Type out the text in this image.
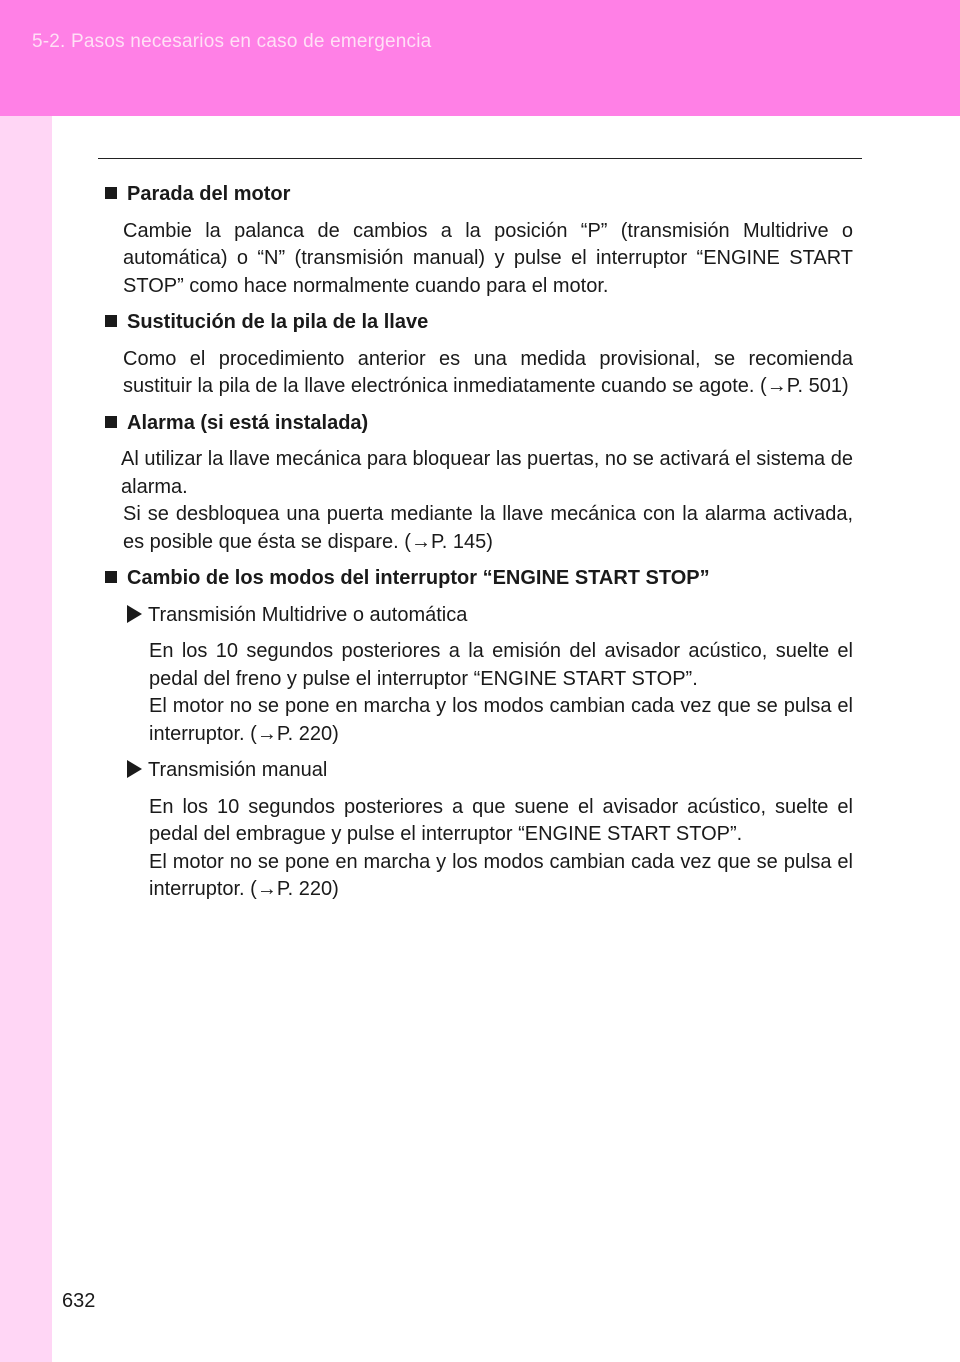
5-2. Pasos necesarios en caso de emergencia
Parada del motor
Cambie la palanca de cambios a la posición “P” (transmisión Multidrive o automática) o “N” (transmisión manual) y pulse el interruptor “ENGINE START STOP” como hace normalmente cuando para el motor.
Sustitución de la pila de la llave
Como el procedimiento anterior es una medida provisional, se recomienda sustituir la pila de la llave electrónica inmediatamente cuando se agote. (→P. 501)
Alarma (si está instalada)
Al utilizar la llave mecánica para bloquear las puertas, no se activará el sistema de alarma.
Si se desbloquea una puerta mediante la llave mecánica con la alarma activada, es posible que ésta se dispare. (→P. 145)
Cambio de los modos del interruptor “ENGINE START STOP”
Transmisión Multidrive o automática
En los 10 segundos posteriores a la emisión del avisador acústico, suelte el pedal del freno y pulse el interruptor “ENGINE START STOP”.
El motor no se pone en marcha y los modos cambian cada vez que se pulsa el interruptor. (→P. 220)
Transmisión manual
En los 10 segundos posteriores a que suene el avisador acústico, suelte el pedal del embrague y pulse el interruptor “ENGINE START STOP”.
El motor no se pone en marcha y los modos cambian cada vez que se pulsa el interruptor. (→P. 220)
632
